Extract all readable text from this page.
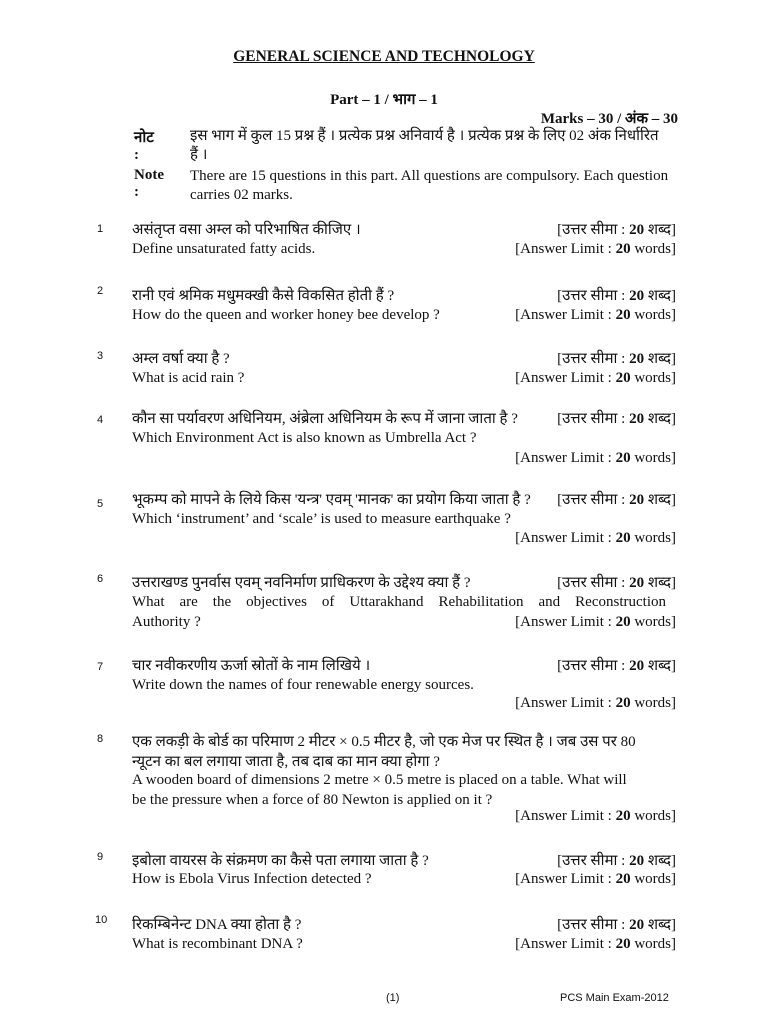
GENERAL SCIENCE AND TECHNOLOGY
Part – 1 / भाग – 1
Marks – 30 / अंक – 30
नोट :
इस भाग में कुल 15 प्रश्न हैं । प्रत्येक प्रश्न अनिवार्य है । प्रत्येक प्रश्न के लिए 02 अंक निर्धारित हैं ।
Note :
There are 15 questions in this part. All questions are compulsory. Each question carries 02 marks.
1	असंतृप्त वसा अम्ल को परिभाषित कीजिए ।	[उत्तर सीमा : 20 शब्द]
Define unsaturated fatty acids.	[Answer Limit : 20 words]
2	रानी एवं श्रमिक मधुमक्खी कैसे विकसित होती हैं ?	[उत्तर सीमा : 20 शब्द]
How do the queen and worker honey bee develop ?	[Answer Limit : 20 words]
3	अम्ल वर्षा क्या है ?	[उत्तर सीमा : 20 शब्द]
What is acid rain ?	[Answer Limit : 20 words]
4	कौन सा पर्यावरण अधिनियम, अंब्रेला अधिनियम के रूप में जाना जाता है ?	[उत्तर सीमा : 20 शब्द]
Which Environment Act is also known as Umbrella Act ?
[Answer Limit : 20 words]
5	भूकम्प को मापने के लिये किस 'यन्त्र' एवम् 'मानक' का प्रयोग किया जाता है ? [उत्तर सीमा : 20 शब्द]
Which ‘instrument’ and ‘scale’ is used to measure earthquake ?
[Answer Limit : 20 words]
6	उत्तराखण्ड पुनर्वास एवम् नवनिर्माण प्राधिकरण के उद्देश्य क्या हैं ?	[उत्तर सीमा : 20 शब्द]
What are the objectives of Uttarakhand Rehabilitation and Reconstruction
Authority ?	[Answer Limit : 20 words]
7	चार नवीकरणीय ऊर्जा स्रोतों के नाम लिखिये ।	[उत्तर सीमा : 20 शब्द]
Write down the names of four renewable energy sources.
[Answer Limit : 20 words]
8	एक लकड़ी के बोर्ड का परिमाण 2 मीटर × 0.5 मीटर है, जो एक मेज पर स्थित है । जब उस पर 80
न्यूटन का बल लगाया जाता है, तब दाब का मान क्या होगा ?
A wooden board of dimensions 2 metre × 0.5 metre is placed on a table. What will
be the pressure when a force of 80 Newton is applied on it ?
[Answer Limit : 20 words]
9	इबोला वायरस के संक्रमण का कैसे पता लगाया जाता है ?	[उत्तर सीमा : 20 शब्द]
How is Ebola Virus Infection detected ?	[Answer Limit : 20 words]
10 रिकम्बिनेन्ट DNA क्या होता है ?	[उत्तर सीमा : 20 शब्द]
What is recombinant DNA ?	[Answer Limit : 20 words]
(1)	PCS Main Exam-2012
